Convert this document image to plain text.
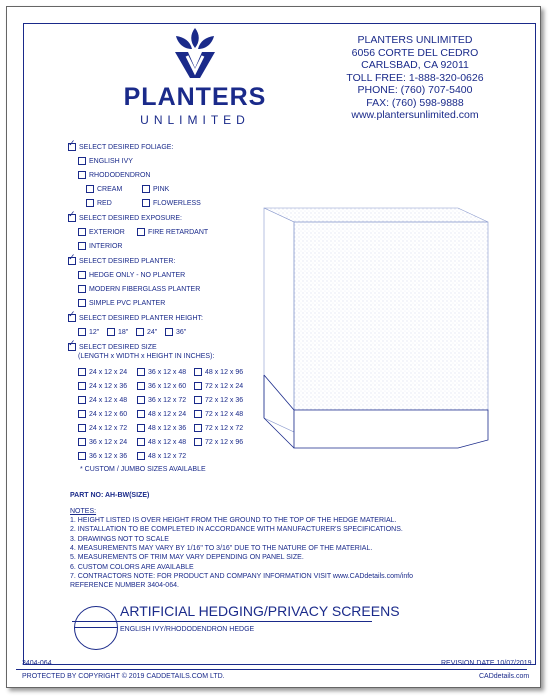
PLANTERS
UNLIMITED
PLANTERS UNLIMITED
6056 CORTE DEL CEDRO
CARLSBAD, CA 92011
TOLL FREE: 1-888-320-0626
PHONE: (760) 707-5400
FAX: (760) 598-9888
www.plantersunlimited.com
✓ SELECT DESIRED FOLIAGE:
ENGLISH IVY
RHODODENDRON
CREAM	PINK
RED	FLOWERLESS
✓ SELECT DESIRED EXPOSURE:
EXTERIOR	FIRE RETARDANT
INTERIOR
✓ SELECT DESIRED PLANTER:
HEDGE ONLY - NO PLANTER
MODERN FIBERGLASS PLANTER
SIMPLE PVC PLANTER
✓ SELECT DESIRED PLANTER HEIGHT:
12"	18"	24"	36"
✓ SELECT DESIRED SIZE
(LENGTH x WIDTH x HEIGHT IN INCHES):
24 x 12 x 24
24 x 12 x 36
24 x 12 x 48
24 x 12 x 60
24 x 12 x 72
36 x 12 x 24
36 x 12 x 36
36 x 12 x 48
36 x 12 x 60
36 x 12 x 72
48 x 12 x 24
48 x 12 x 36
48 x 12 x 48
48 x 12 x 72
48 x 12 x 96
72 x 12 x 24
72 x 12 x 36
72 x 12 x 48
72 x 12 x 72
72 x 12 x 96
* CUSTOM / JUMBO SIZES AVAILABLE
PART NO: AH-BW(SIZE)
NOTES:
1. HEIGHT LISTED IS OVER HEIGHT FROM THE GROUND TO THE TOP OF THE HEDGE MATERIAL.
2. INSTALLATION TO BE COMPLETED IN ACCORDANCE WITH MANUFACTURER'S SPECIFICATIONS.
3. DRAWINGS NOT TO SCALE
4. MEASUREMENTS MAY VARY BY 1/16" TO 3/16" DUE TO THE NATURE OF THE MATERIAL.
5. MEASUREMENTS OF TRIM MAY VARY DEPENDING ON PANEL SIZE.
6. CUSTOM COLORS ARE AVAILABLE
7. CONTRACTORS NOTE: FOR PRODUCT AND COMPANY INFORMATION VISIT www.CADdetails.com/info
REFERENCE NUMBER 3404-064.
ARTIFICIAL HEDGING/PRIVACY SCREENS
ENGLISH IVY/RHODODENDRON HEDGE
3404-064	REVISION DATE 10/07/2019
PROTECTED BY COPYRIGHT © 2019 CADDETAILS.COM LTD.	CADdetails.com
